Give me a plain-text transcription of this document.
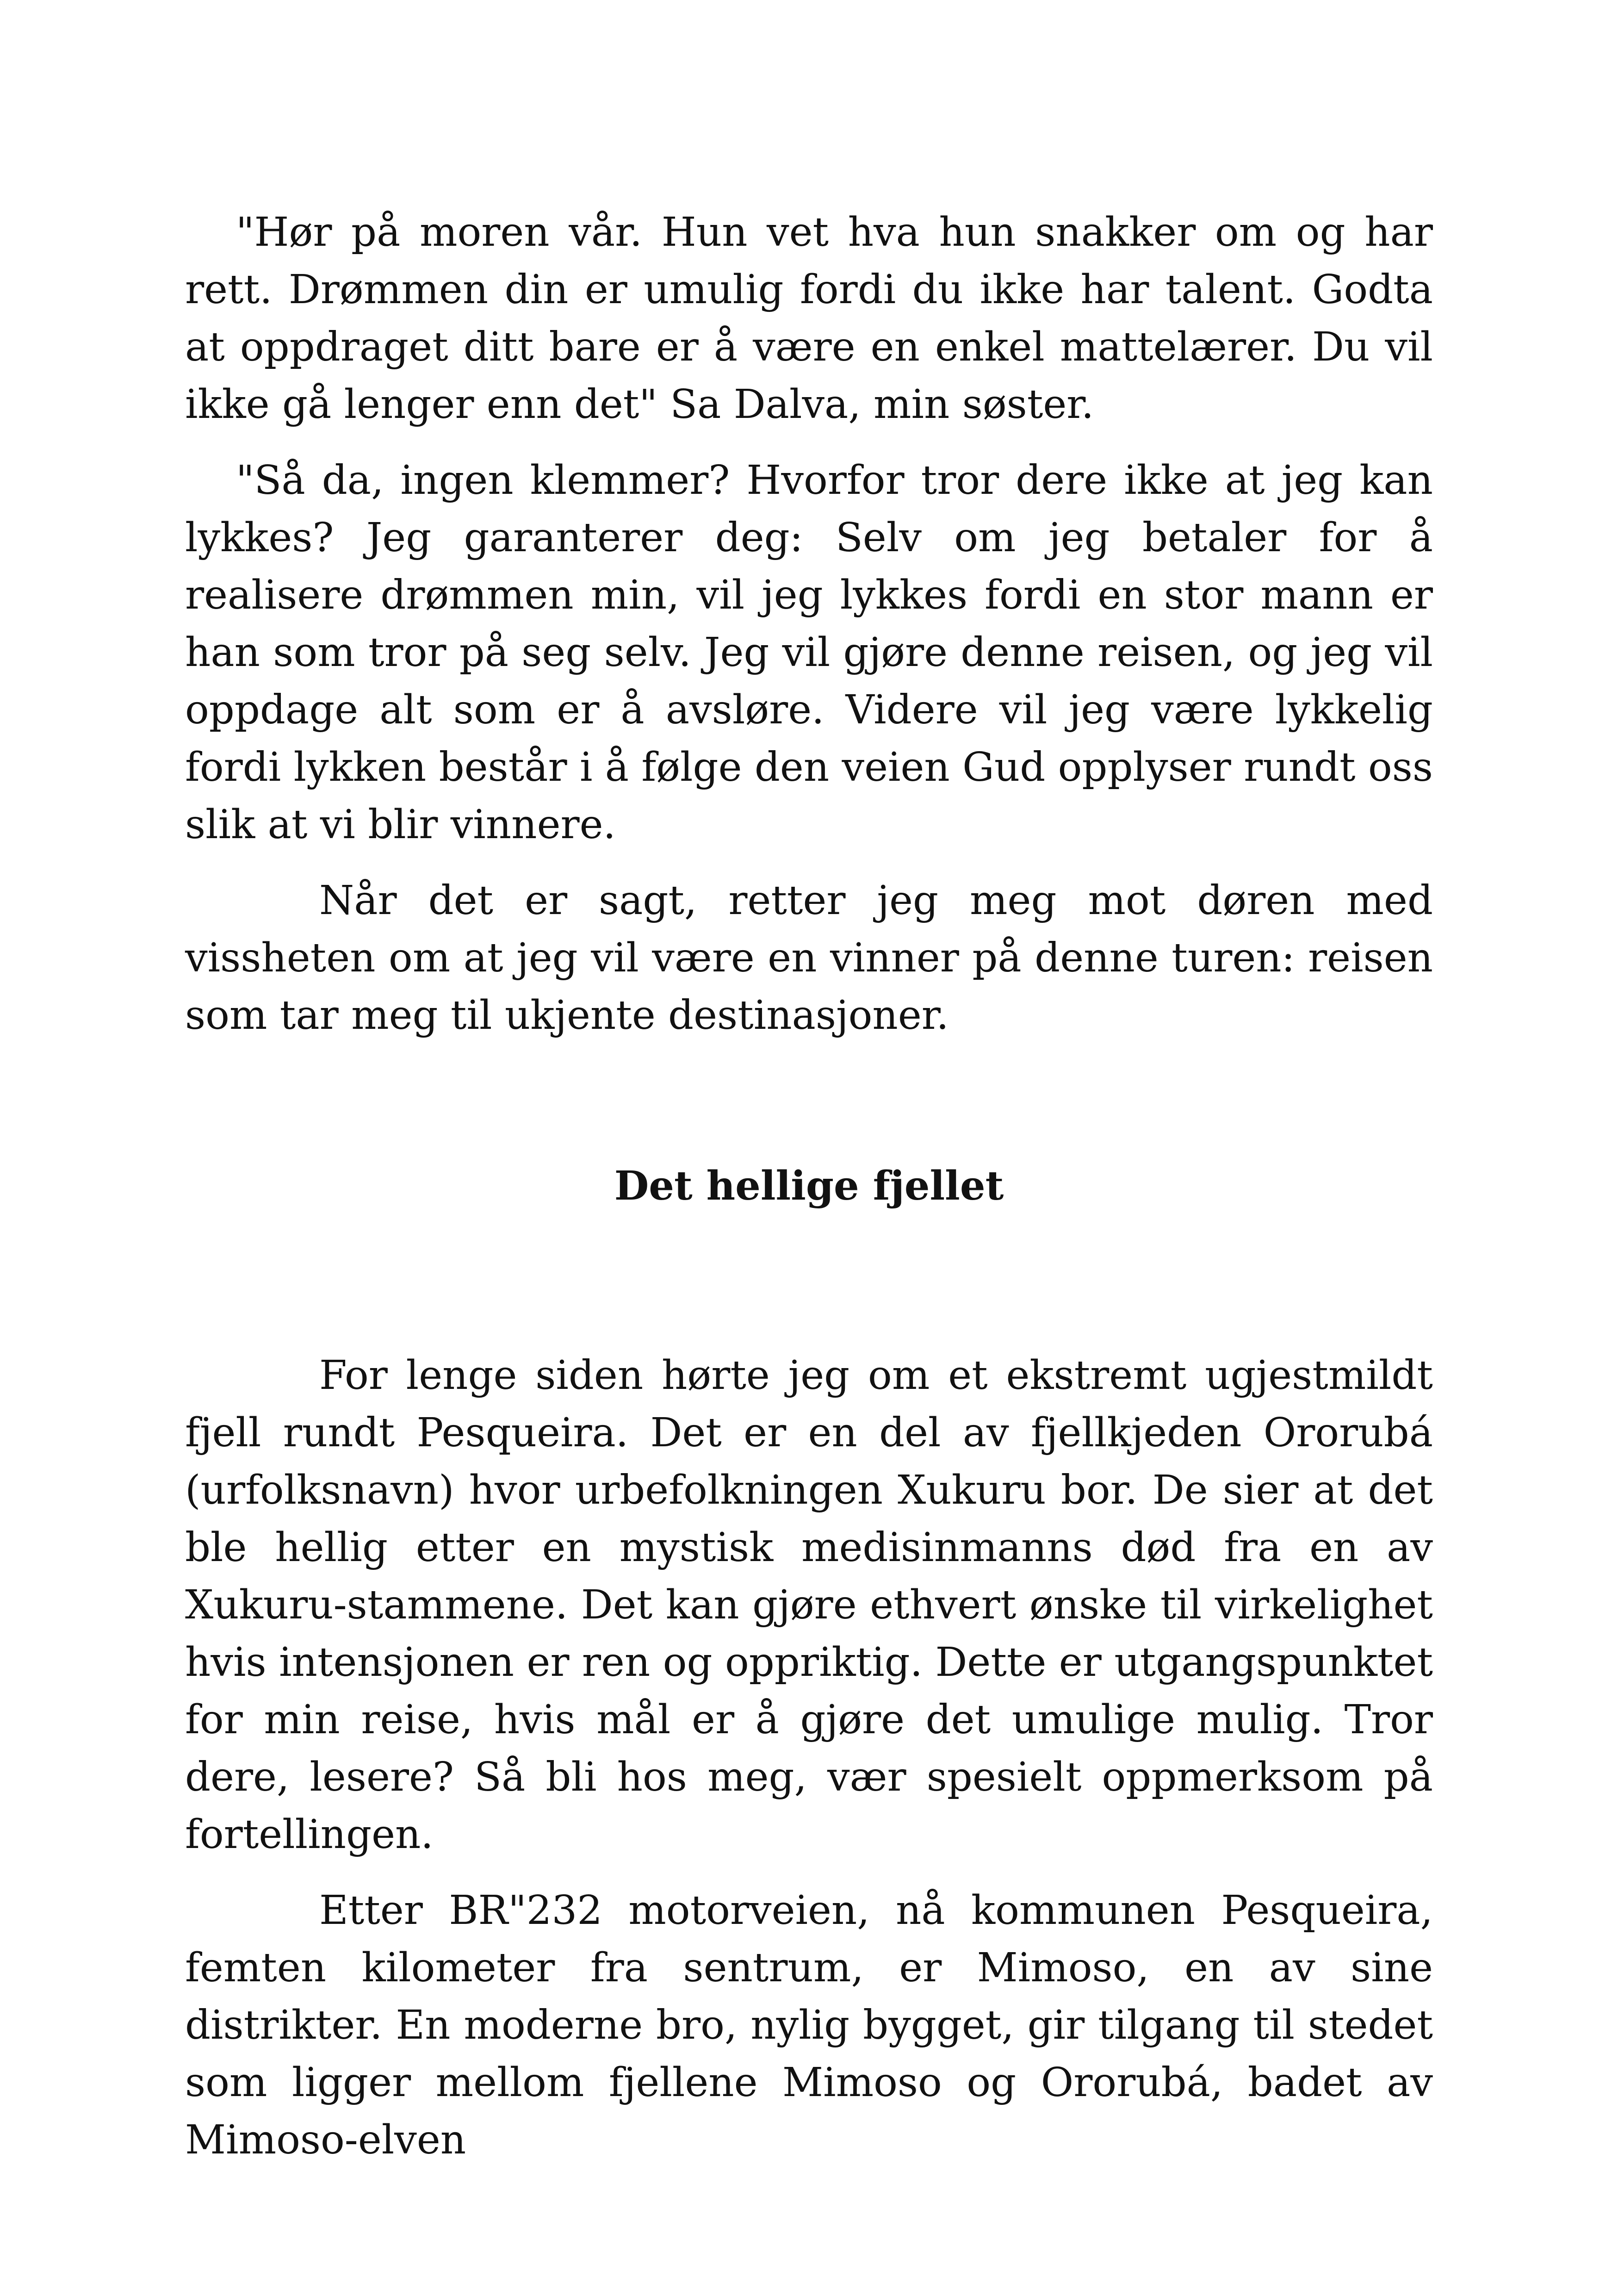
"Hør på moren vår. Hun vet hva hun snakker om og har rett. Drømmen din er umulig fordi du ikke har talent. Godta at oppdraget ditt bare er å være en enkel mattelærer. Du vil ikke gå lenger enn det" Sa Dalva, min søster.

"Så da, ingen klemmer? Hvorfor tror dere ikke at jeg kan lykkes? Jeg garanterer deg: Selv om jeg betaler for å realisere drømmen min, vil jeg lykkes fordi en stor mann er han som tror på seg selv. Jeg vil gjøre denne reisen, og jeg vil oppdage alt som er å avsløre. Videre vil jeg være lykkelig fordi lykken består i å følge den veien Gud opplyser rundt oss slik at vi blir vinnere.

Når det er sagt, retter jeg meg mot døren med vissheten om at jeg vil være en vinner på denne turen: reisen som tar meg til ukjente destinasjoner.

Det hellige fjellet

For lenge siden hørte jeg om et ekstremt ugjestmildt fjell rundt Pesqueira. Det er en del av fjellkjeden Ororubá (urfolksnavn) hvor urbefolkningen Xukuru bor. De sier at det ble hellig etter en mystisk medisinmanns død fra en av Xukuru-stammene. Det kan gjøre ethvert ønske til virkelighet hvis intensjonen er ren og oppriktig. Dette er utgangspunktet for min reise, hvis mål er å gjøre det umulige mulig. Tror dere, lesere? Så bli hos meg, vær spesielt oppmerksom på fortellingen.

Etter BR"232 motorveien, nå kommunen Pesqueira, femten kilometer fra sentrum, er Mimoso, en av sine distrikter. En moderne bro, nylig bygget, gir tilgang til stedet som ligger mellom fjellene Mimoso og Ororubá, badet av Mimoso-elven
